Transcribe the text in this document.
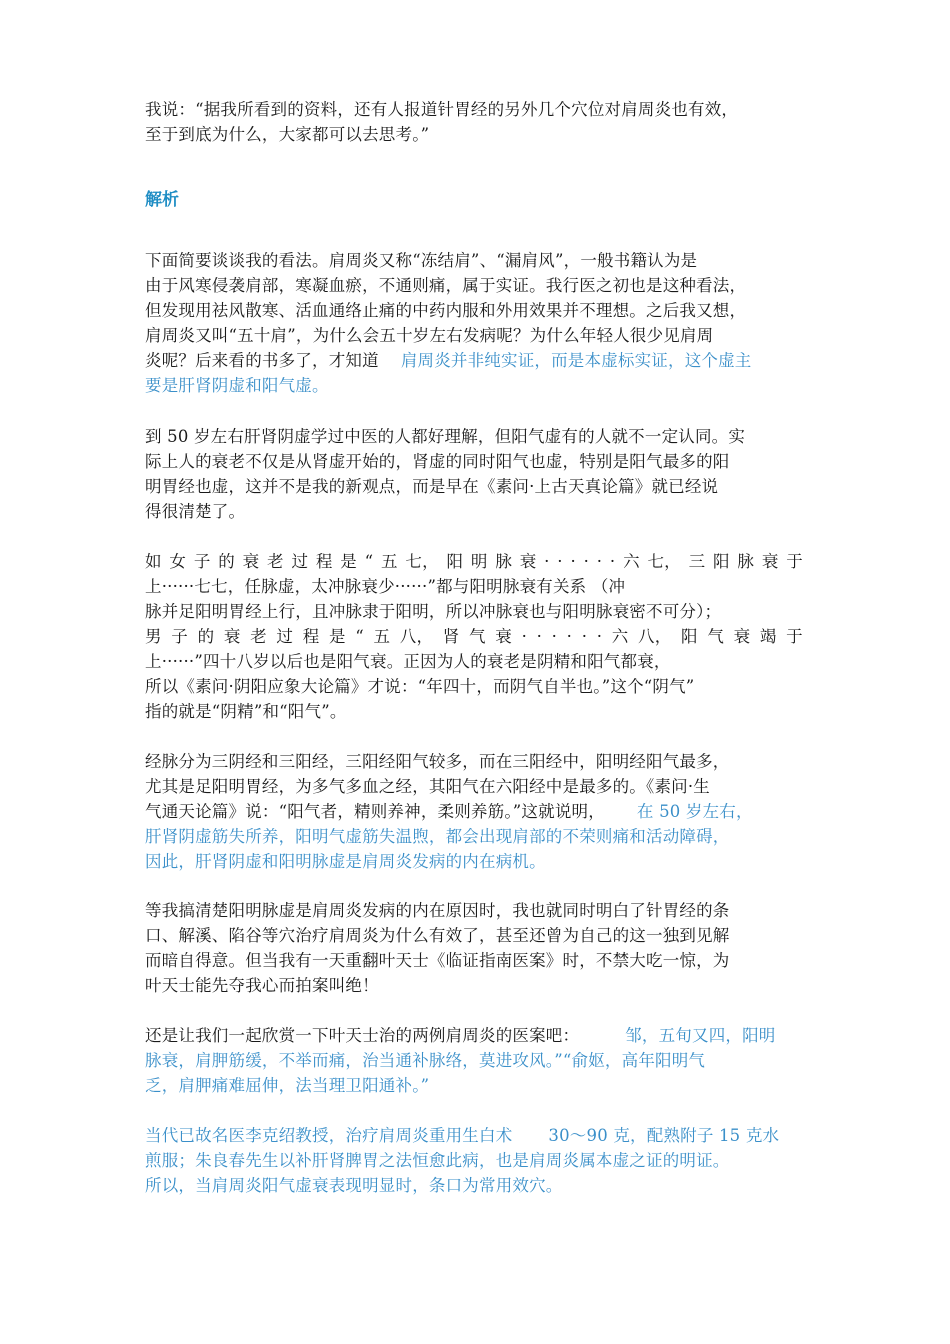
我说：“据我所看到的资料，还有人报道针胃经的另外几个穴位对肩周炎也有效，
至于到底为什么，大家都可以去思考。”
解析
下面简要谈谈我的看法。肩周炎又称“冻结肩”、“漏肩风”，一般书籍认为是
由于风寒侵袭肩部，寒凝血瘀，不通则痛，属于实证。我行医之初也是这种看法，
但发现用祛风散寒、活血通络止痛的中药内服和外用效果并不理想。之后我又想，
肩周炎又叫“五十肩”，为什么会五十岁左右发病呢？为什么年轻人很少见肩周
炎呢？后来看的书多了，才知道 肩周炎并非纯实证，而是本虚标实证，这个虚主
要是肝肾阴虚和阳气虚。
到 50 岁左右肝肾阴虚学过中医的人都好理解，但阳气虚有的人就不一定认同。实
际上人的衰老不仅是从肾虚开始的，肾虚的同时阳气也虚，特别是阳气最多的阳
明胃经也虚，这并不是我的新观点，而是早在《素问·上古天真论篇》就已经说
得很清楚了。
如 女 子 的 衰 老 过 程 是 “ 五 七， 阳 明 脉 衰 · · · · · · 六 七， 三 阳 脉 衰 于
上······七七，任脉虚，太冲脉衰少······”都与阳明脉衰有关系 （冲
脉并足阳明胃经上行，且冲脉隶于阳明，所以冲脉衰也与阳明脉衰密不可分）；
男 子 的 衰 老 过 程 是 “ 五 八， 肾 气 衰 · · · · · · 六 八， 阳 气 衰 竭 于
上······”四十八岁以后也是阳气衰。正因为人的衰老是阴精和阳气都衰，
所以《素问·阴阳应象大论篇》才说：“年四十，而阴气自半也。”这个“阴气”
指的就是“阴精”和“阳气”。
经脉分为三阴经和三阳经，三阳经阳气较多，而在三阳经中，阳明经阳气最多，
尤其是足阳明胃经，为多气多血之经，其阳气在六阳经中是最多的。《素问·生
气通天论篇》说：“阳气者，精则养神，柔则养筋。”这就说明， 在 50 岁左右，
肝肾阴虚筋失所养，阳明气虚筋失温煦，都会出现肩部的不荣则痛和活动障碍，
因此，肝肾阴虚和阳明脉虚是肩周炎发病的内在病机。
等我搞清楚阳明脉虚是肩周炎发病的内在原因时，我也就同时明白了针胃经的条
口、解溪、陷谷等穴治疗肩周炎为什么有效了，甚至还曾为自己的这一独到见解
而暗自得意。但当我有一天重翻叶天士《临证指南医案》时，不禁大吃一惊，为
叶天士能先夺我心而拍案叫绝！
还是让我们一起欣赏一下叶天士治的两例肩周炎的医案吧：	邹，五旬又四，阳明
脉衰，肩胛筋缓，不举而痛，治当通补脉络，莫进攻风。”“俞妪，高年阳明气
乏，肩胛痛难屈伸，法当理卫阳通补。”
当代已故名医李克绍教授，治疗肩周炎重用生白术 30～90 克，配熟附子 15 克水
煎服；朱良春先生以补肝肾脾胃之法恒愈此病，也是肩周炎属本虚之证的明证。
所以，当肩周炎阳气虚衰表现明显时，条口为常用效穴。
